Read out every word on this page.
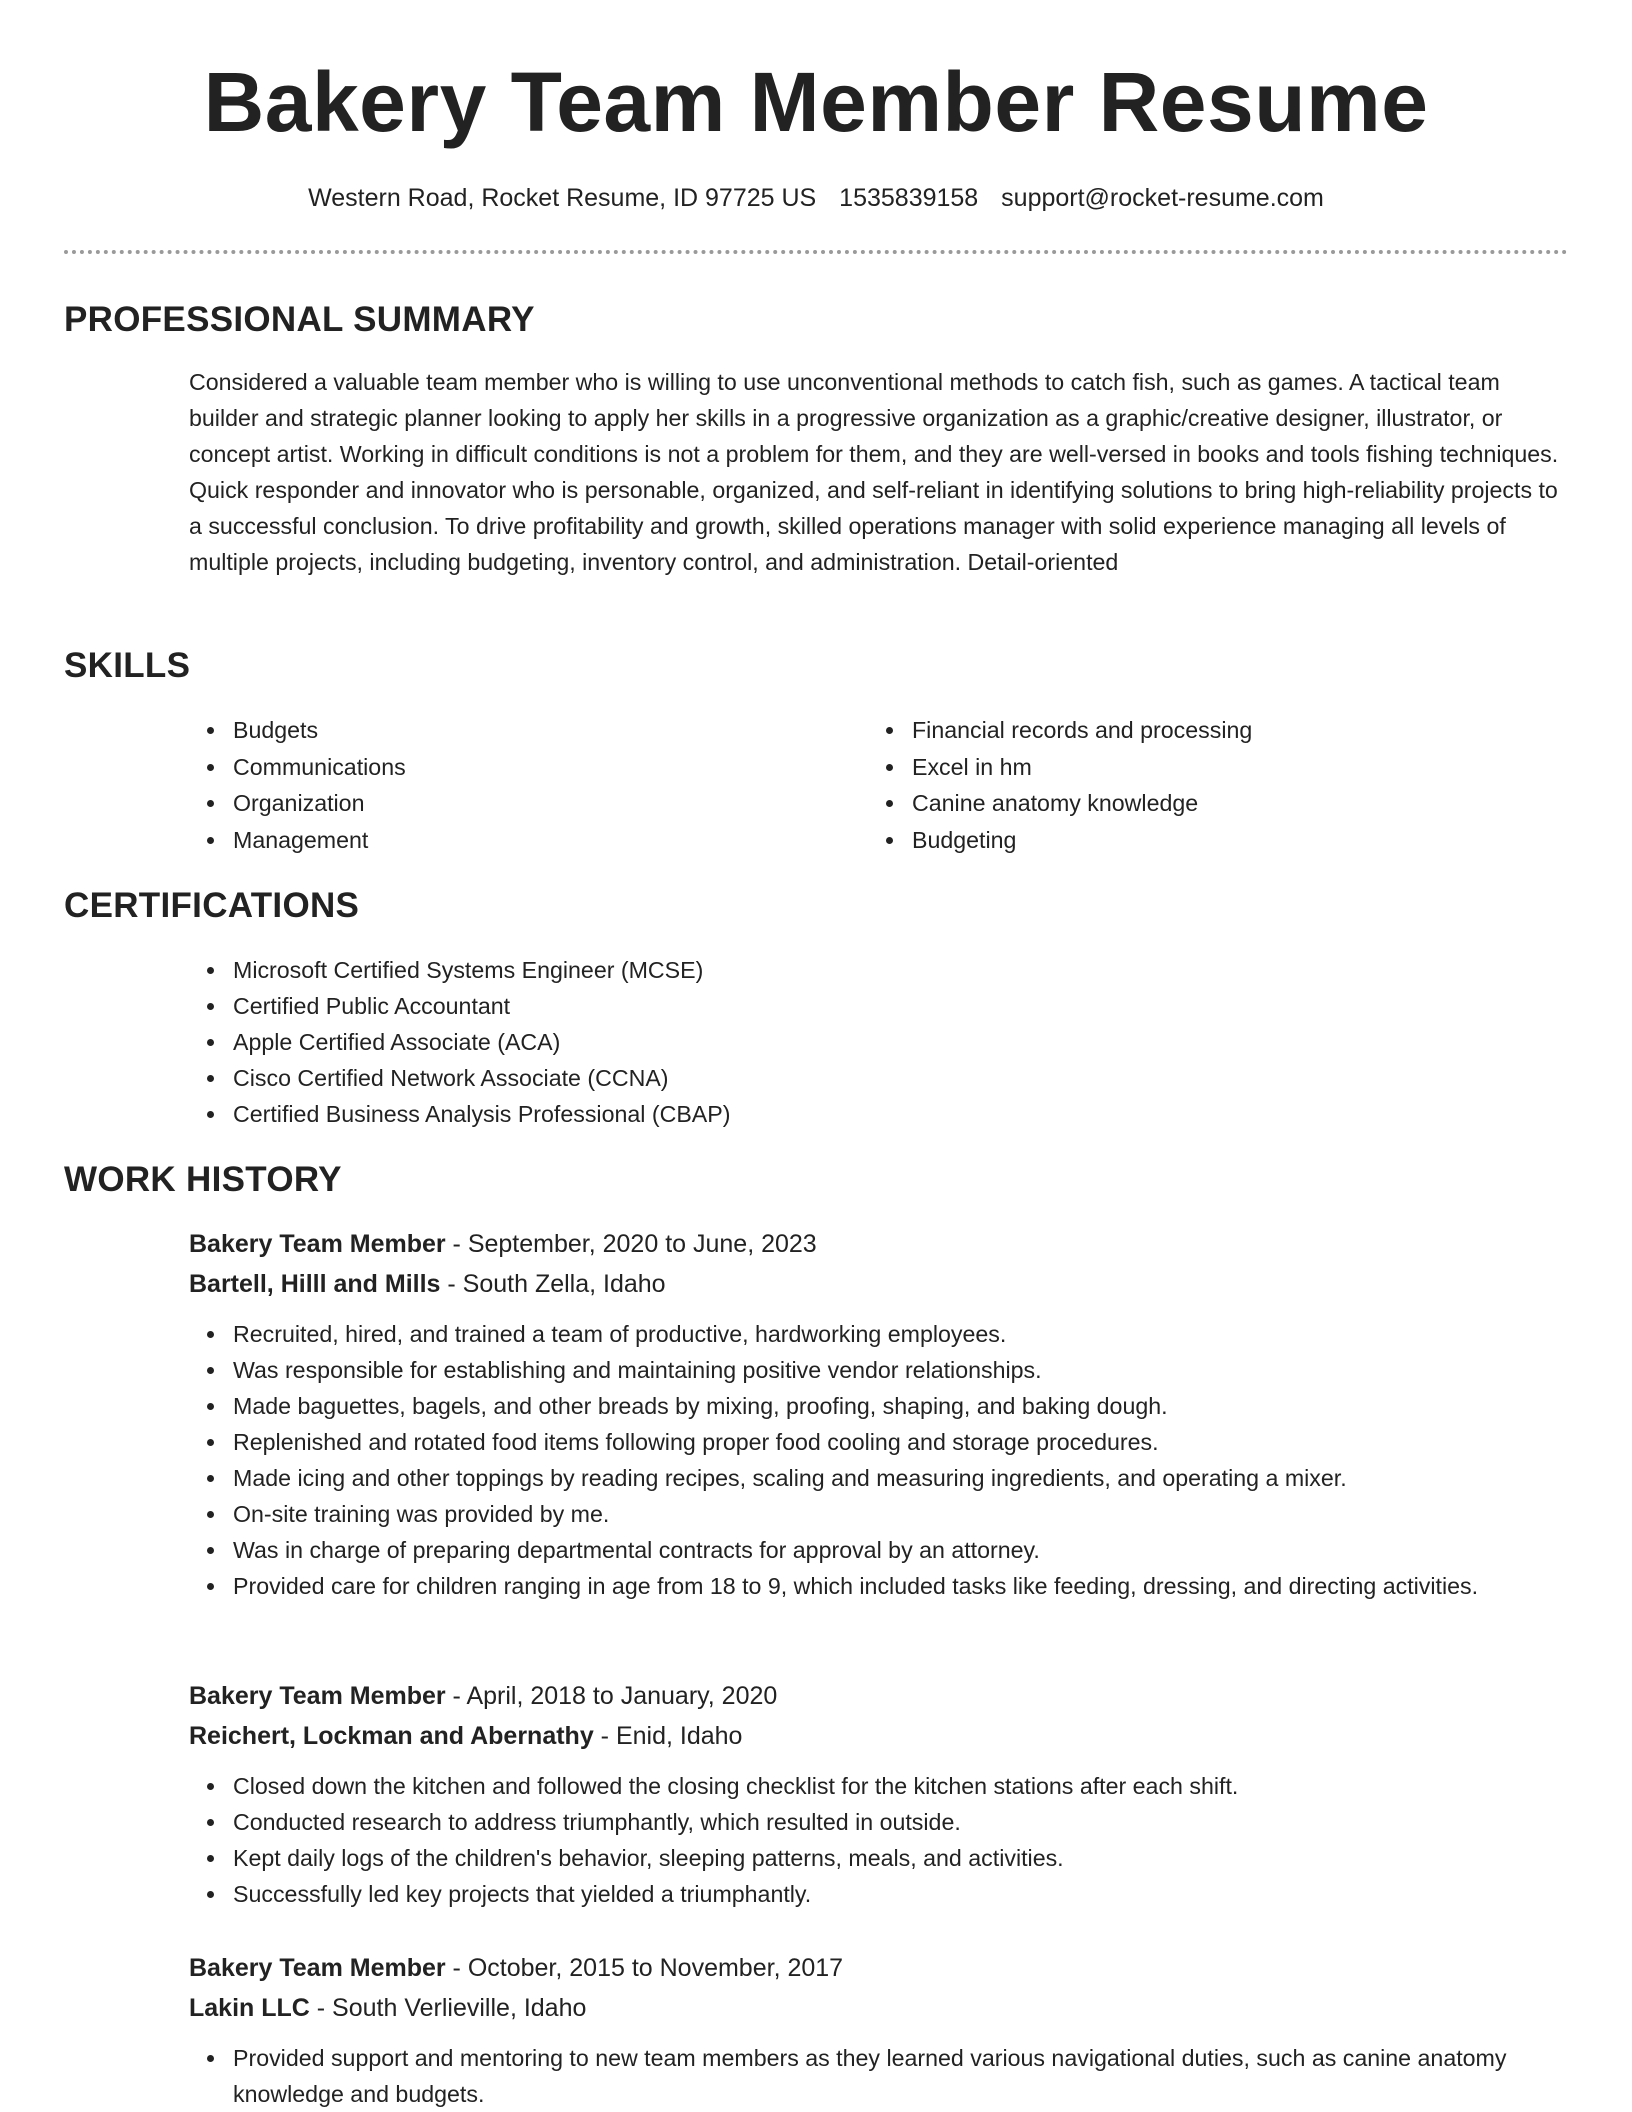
Bakery Team Member Resume
Western Road, Rocket Resume, ID 97725 US 1535839158 support@rocket-resume.com
PROFESSIONAL SUMMARY

Considered a valuable team member who is willing to use unconventional methods to catch fish, such as games. A tactical team builder and strategic planner looking to apply her skills in a progressive organization as a graphic/creative designer, illustrator, or concept artist. Working in difficult conditions is not a problem for them, and they are well-versed in books and tools fishing techniques. Quick responder and innovator who is personable, organized, and self-reliant in identifying solutions to bring high-reliability projects to a successful conclusion. To drive profitability and growth, skilled operations manager with solid experience managing all levels of multiple projects, including budgeting, inventory control, and administration. Detail-oriented

SKILLS
Budgets
Communications
Organization
Management
Financial records and processing
Excel in hm
Canine anatomy knowledge
Budgeting
CERTIFICATIONS
Microsoft Certified Systems Engineer (MCSE)
Certified Public Accountant
Apple Certified Associate (ACA)
Cisco Certified Network Associate (CCNA)
Certified Business Analysis Professional (CBAP)
WORK HISTORY

Bakery Team Member - September, 2020 to June, 2023

Bartell, Hilll and Mills - South Zella, Idaho

Recruited, hired, and trained a team of productive, hardworking employees.
Was responsible for establishing and maintaining positive vendor relationships.
Made baguettes, bagels, and other breads by mixing, proofing, shaping, and baking dough.
Replenished and rotated food items following proper food cooling and storage procedures.
Made icing and other toppings by reading recipes, scaling and measuring ingredients, and operating a mixer.
On-site training was provided by me.
Was in charge of preparing departmental contracts for approval by an attorney.
Provided care for children ranging in age from 18 to 9, which included tasks like feeding, dressing, and directing activities.

Bakery Team Member - April, 2018 to January, 2020

Reichert, Lockman and Abernathy - Enid, Idaho

Closed down the kitchen and followed the closing checklist for the kitchen stations after each shift.
Conducted research to address triumphantly, which resulted in outside.
Kept daily logs of the children's behavior, sleeping patterns, meals, and activities.
Successfully led key projects that yielded a triumphantly.

Bakery Team Member - October, 2015 to November, 2017

Lakin LLC - South Verlieville, Idaho

Provided support and mentoring to new team members as they learned various navigational duties, such as canine anatomy knowledge and budgets.
